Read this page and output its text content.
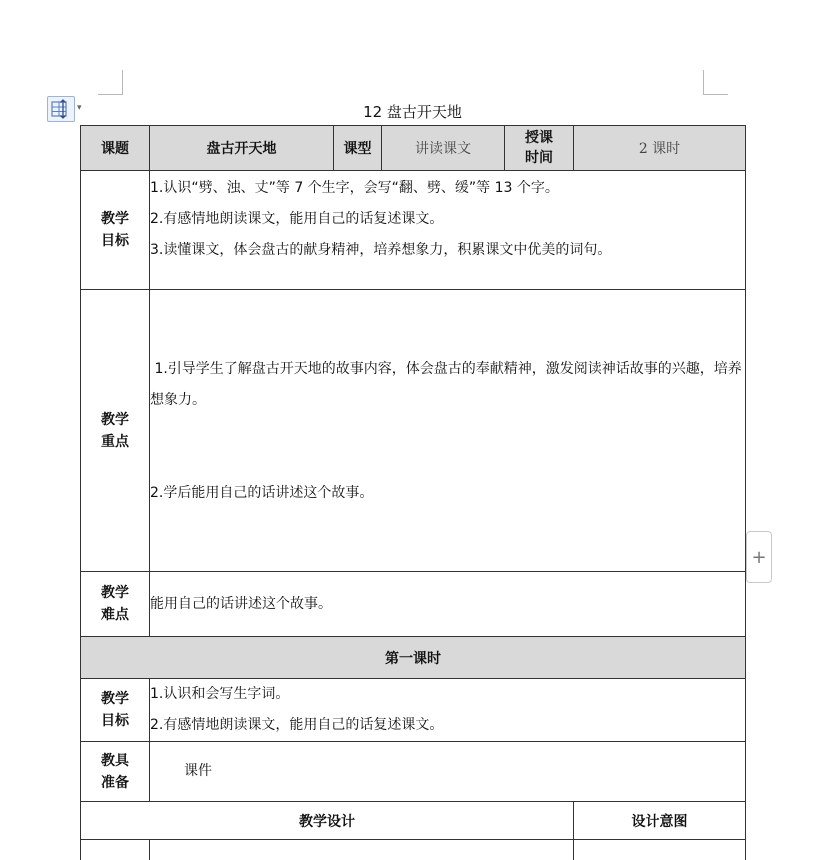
▾	12 盘古开天地
课题	盘古开天地	课型	讲读课文	授课时间	2 课时

教学目标	1.认识“劈、浊、丈”等 7 个生字，会写“翻、劈、缓”等 13 个字。

2.有感情地朗读课文，能用自己的话复述课文。

3.读懂课文，体会盘古的献身精神，培养想象力，积累课文中优美的词句。				

教学重点	1.引导学生了解盘古开天地的故事内容，体会盘古的奉献精神，激发阅读神话故事的兴趣，培养想象力。

2.学后能用自己的话讲述这个故事。				

教学难点	能用自己的话讲述这个故事。				
第一课时					

教学目标	1.认识和会写生字词。

2.有感情地朗读课文，能用自己的话复述课文。				

教具准备	课件				
教学设计					设计意图

+
